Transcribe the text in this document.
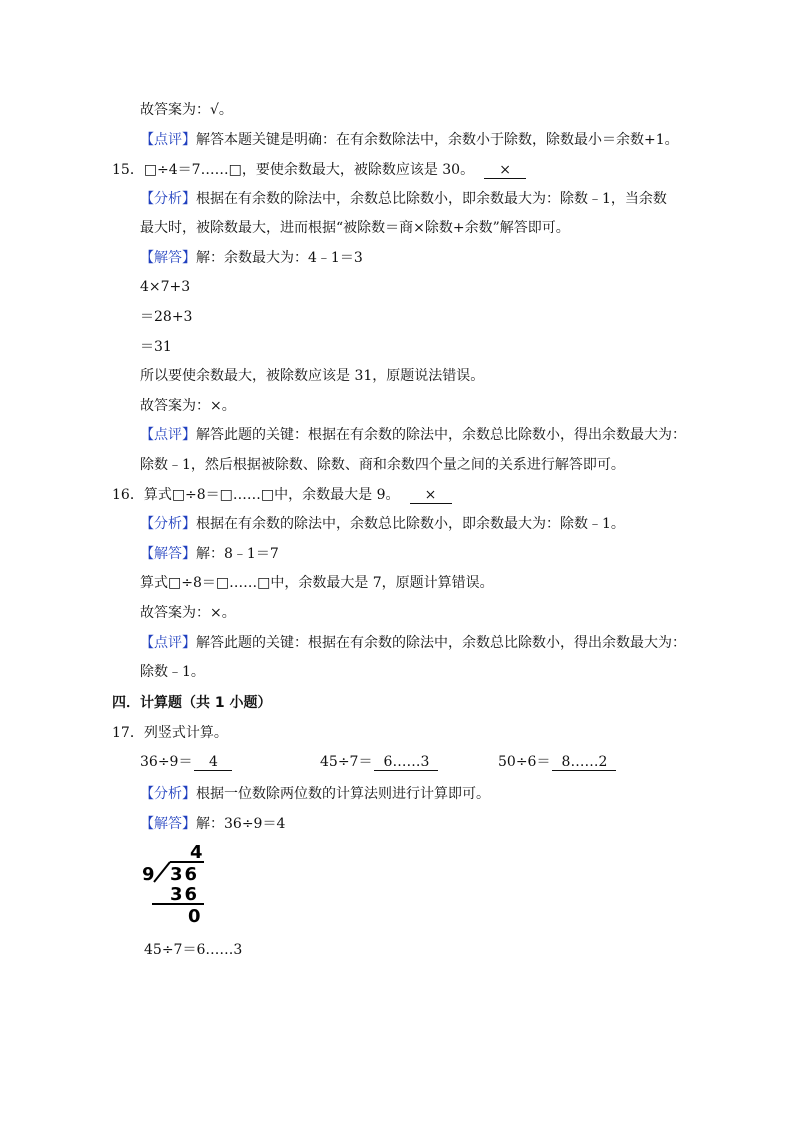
故答案为：√。
【点评】解答本题关键是明确：在有余数除法中，余数小于除数，除数最小＝余数+1。
15．□÷4＝7……□，要使余数最大，被除数应该是 30。 ×
【分析】根据在有余数的除法中，余数总比除数小，即余数最大为：除数﹣1，当余数
最大时，被除数最大，进而根据“被除数＝商×除数+余数”解答即可。
【解答】解：余数最大为：4﹣1＝3
4×7+3
＝28+3
＝31
所以要使余数最大，被除数应该是 31，原题说法错误。
故答案为：×。
【点评】解答此题的关键：根据在有余数的除法中，余数总比除数小，得出余数最大为：
除数﹣1，然后根据被除数、除数、商和余数四个量之间的关系进行解答即可。
16．算式□÷8＝□……□中，余数最大是 9。 ×
【分析】根据在有余数的除法中，余数总比除数小，即余数最大为：除数﹣1。
【解答】解：8﹣1＝7
算式□÷8＝□……□中，余数最大是 7，原题计算错误。
故答案为：×。
【点评】解答此题的关键：根据在有余数的除法中，余数总比除数小，得出余数最大为：
除数﹣1。
四．计算题（共 1 小题）
17．列竖式计算。
36÷9＝ 4	45÷7＝ 6……3	50÷6＝ 8……2
【分析】根据一位数除两位数的计算法则进行计算即可。
【解答】解：36÷9＝4
4
9 36
36
0
45÷7＝6……3
